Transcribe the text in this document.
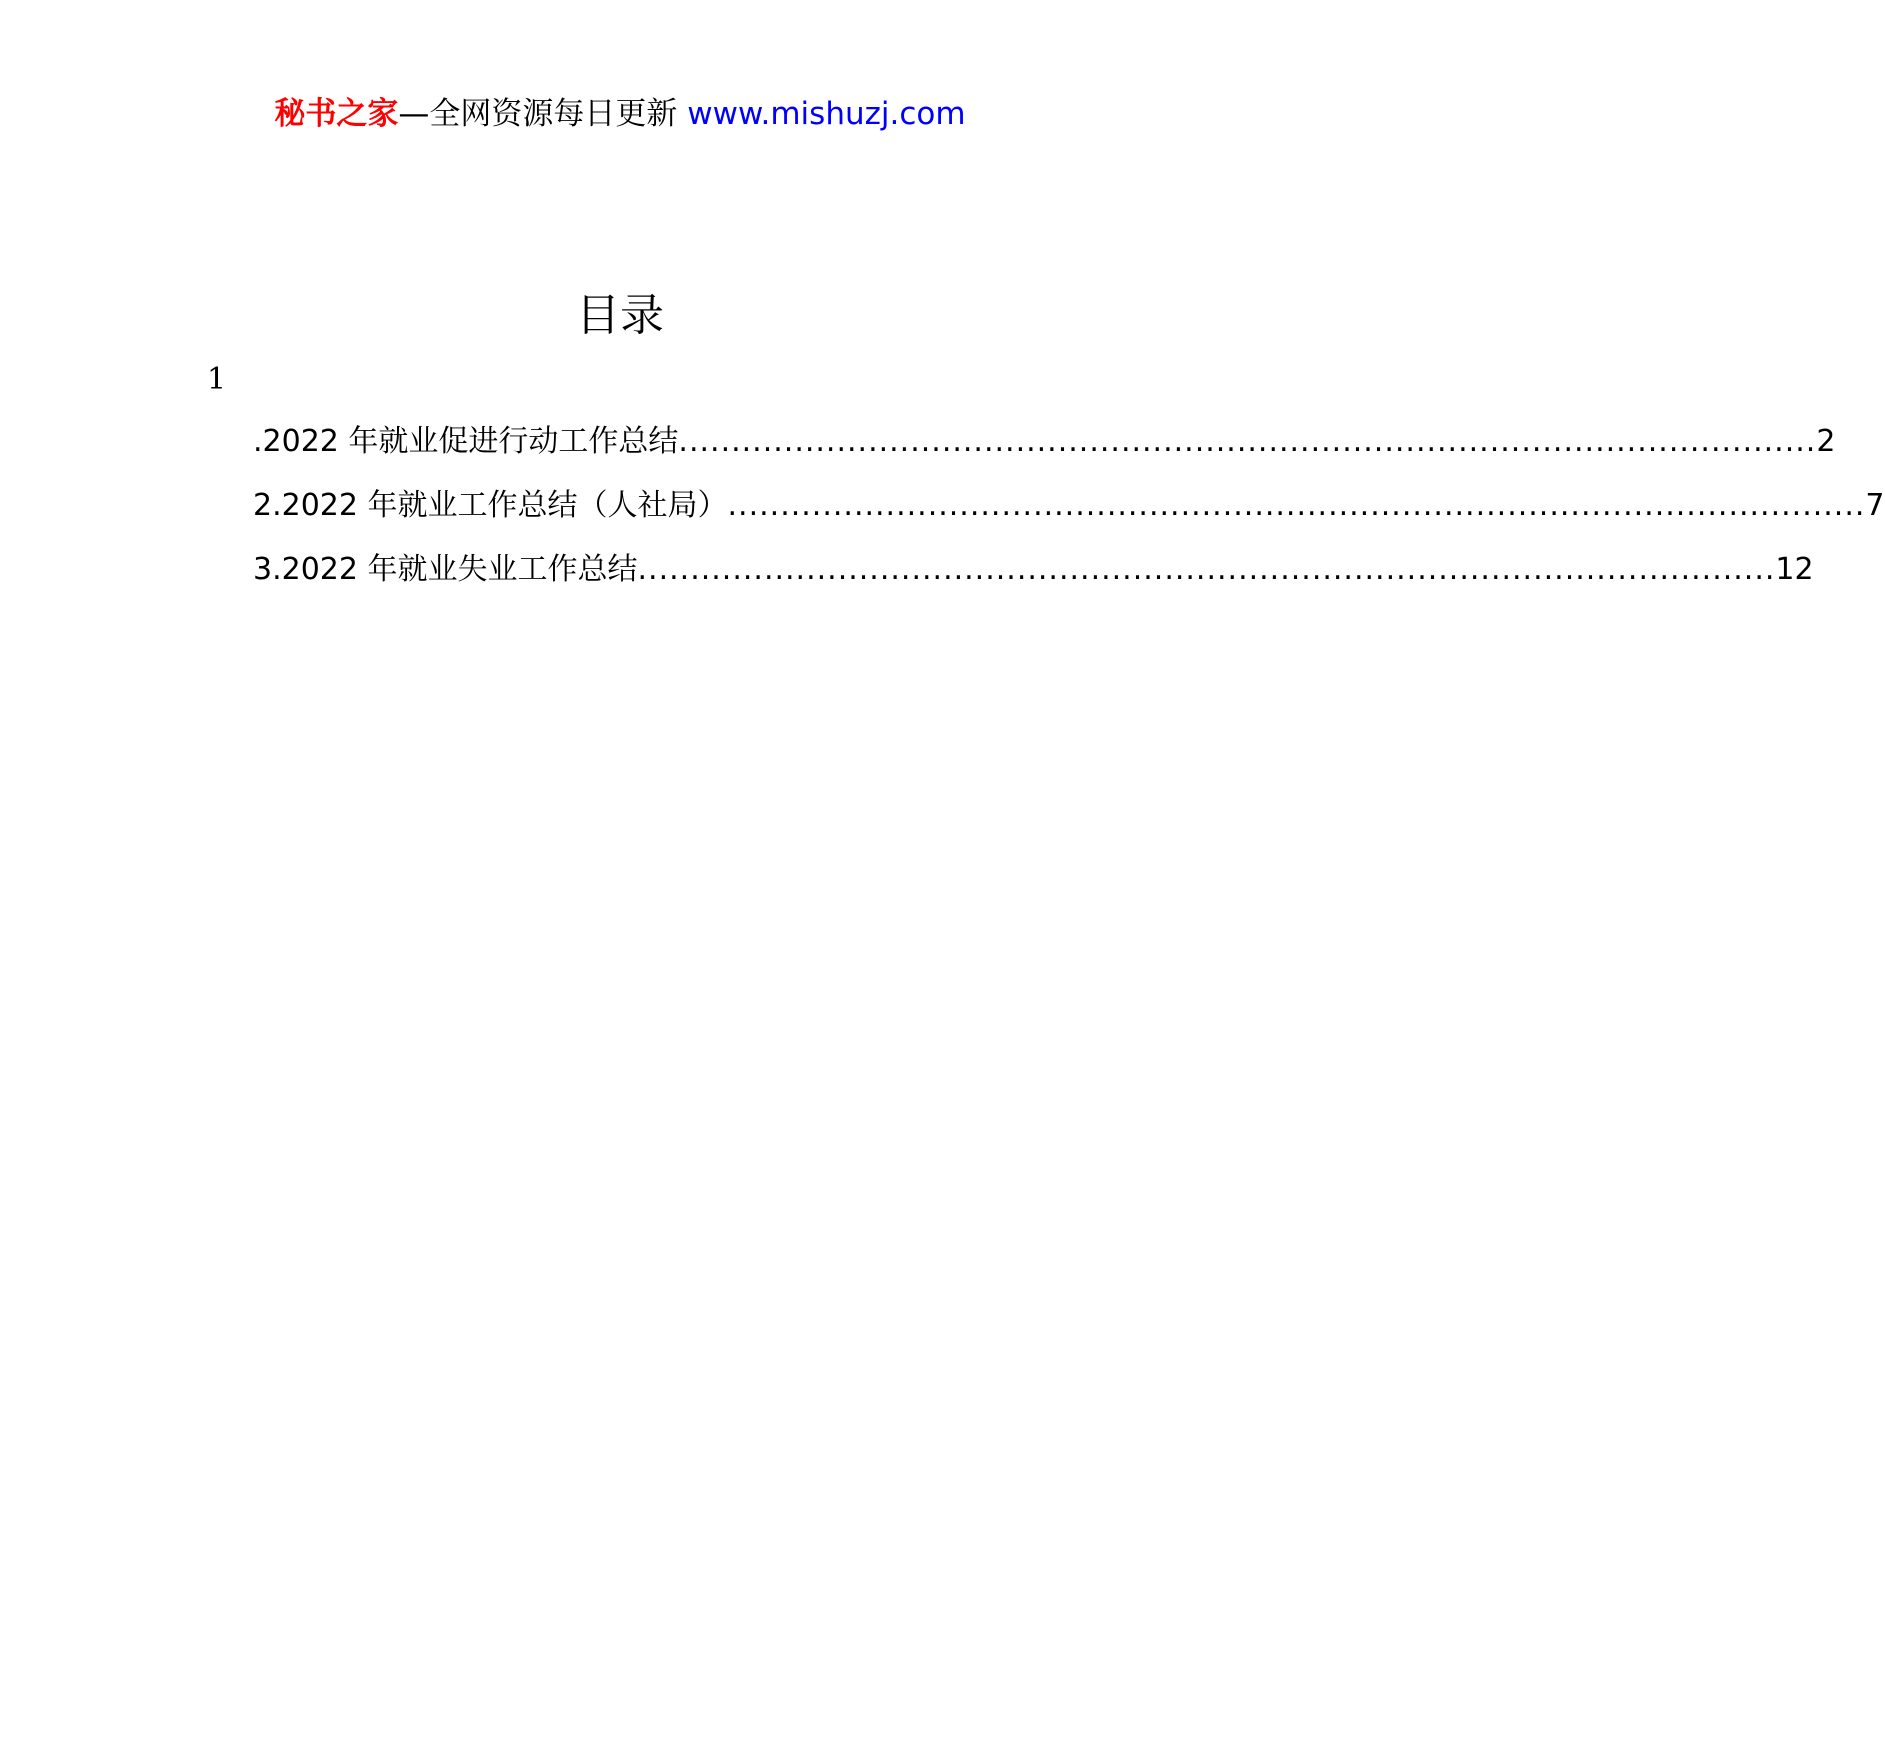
秘书之家—全网资源每日更新 www.mishuzj.com
目录
1
.2022 年就业促进行动工作总结 ............................................................................................................ 2
2.2022 年就业工作总结（人社局） ............................................................................................................ 7
3.2022 年就业失业工作总结 ............................................................................................................ 12
